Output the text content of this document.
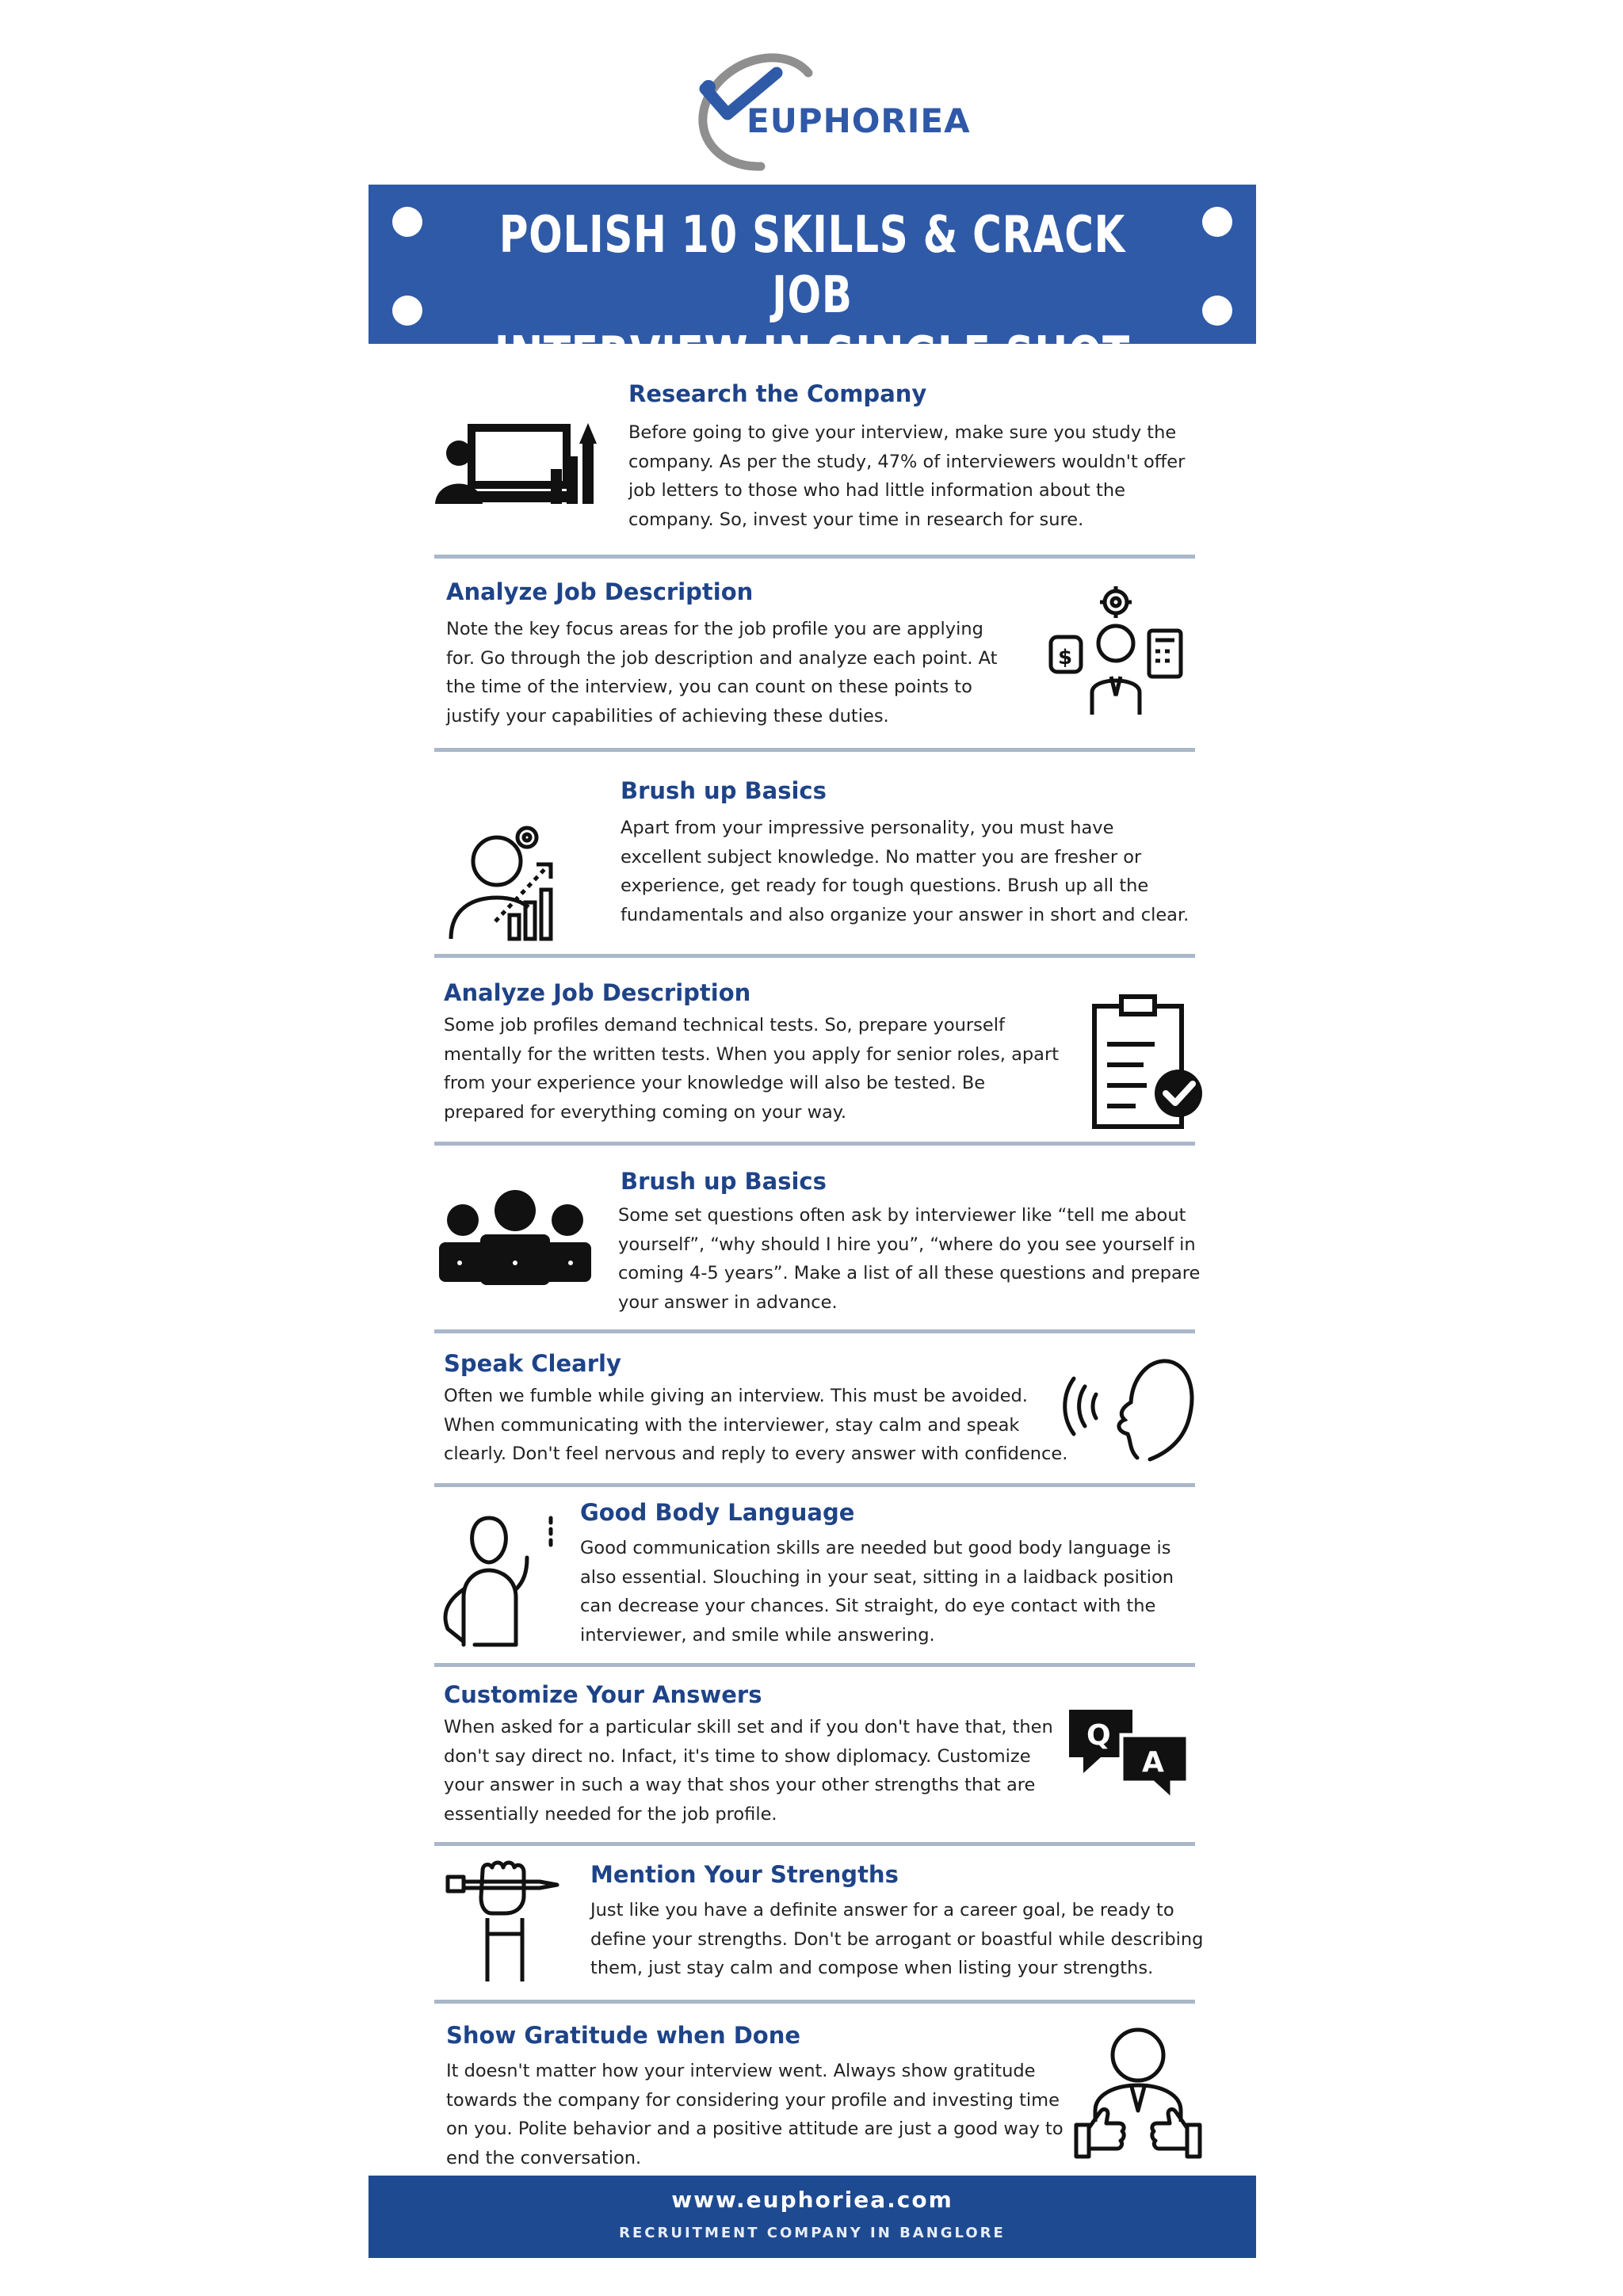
EUPHORIEA
POLISH 10 SKILLS & CRACK JOB
INTERVIEW IN SINGLE SHOT
Research the Company
Before going to give your interview, make sure you study the company. As per the study, 47% of interviewers wouldn't offer job letters to those who had little information about the company. So, invest your time in research for sure.
Analyze Job Description
Note the key focus areas for the job profile you are applying for. Go through the job description and analyze each point. At the time of the interview, you can count on these points to justify your capabilities of achieving these duties.
$
Brush up Basics
Apart from your impressive personality, you must have excellent subject knowledge. No matter you are fresher or experience, get ready for tough questions. Brush up all the fundamentals and also organize your answer in short and clear.
Analyze Job Description
Some job profiles demand technical tests. So, prepare yourself mentally for the written tests. When you apply for senior roles, apart from your experience your knowledge will also be tested. Be prepared for everything coming on your way.
Brush up Basics
Some set questions often ask by interviewer like “tell me about yourself”, “why should I hire you”, “where do you see yourself in coming 4-5 years”. Make a list of all these questions and prepare your answer in advance.
Speak Clearly
Often we fumble while giving an interview. This must be avoided. When communicating with the interviewer, stay calm and speak clearly. Don't feel nervous and reply to every answer with confidence.
Good Body Language
Good communication skills are needed but good body language is also essential. Slouching in your seat, sitting in a laidback position can decrease your chances. Sit straight, do eye contact with the interviewer, and smile while answering.
Customize Your Answers
When asked for a particular skill set and if you don't have that, then don't say direct no. Infact, it's time to show diplomacy. Customize your answer in such a way that shos your other strengths that are essentially needed for the job profile.
Q
A
Mention Your Strengths
Just like you have a definite answer for a career goal, be ready to define your strengths. Don't be arrogant or boastful while describing them, just stay calm and compose when listing your strengths.
Show Gratitude when Done
It doesn't matter how your interview went. Always show gratitude towards the company for considering your profile and investing time on you. Polite behavior and a positive attitude are just a good way to end the conversation.
www.euphoriea.com
RECRUITMENT COMPANY IN BANGLORE
